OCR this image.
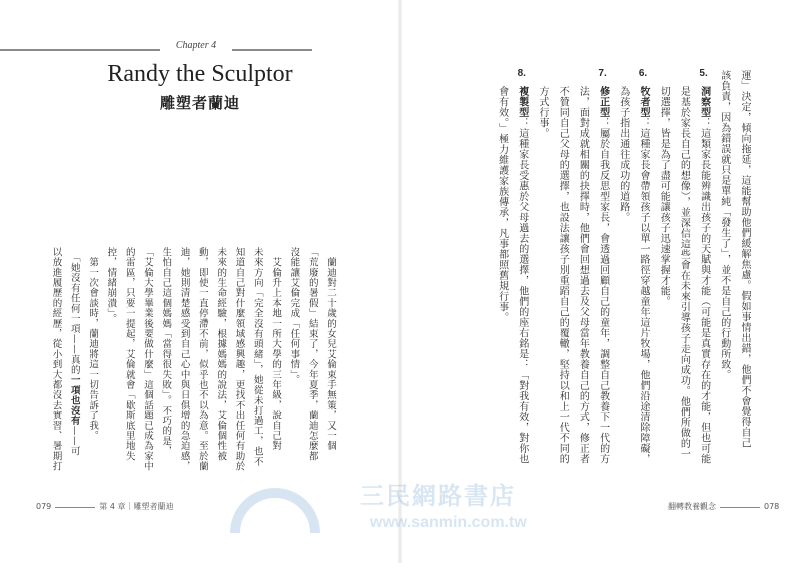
Chapter 4
Randy the Sculptor
雕塑者蘭迪
　蘭迪對二十歲的女兒艾倫束手無策，又一個
「荒廢的暑假」結束了，今年夏季，蘭迪怎麼都
沒能讓艾倫完成「任何事情」。
　艾倫升上本地一所大學的三年級，說自己對
未來方向「完全沒有頭緒」，她從未打過工，也不
知道自己對什麼領域感興趣，更找不出任何有助於
未來的生命經驗，根據媽媽的說法，艾倫個性被
動，即使一直停滯不前，似乎也不以為意。至於蘭
迪，她則清楚感受到自己心中與日俱增的急迫感，
生怕自己這個媽媽「當得很失敗」。不巧的是，
「艾倫大學畢業後要做什麼」這個話題已成為家中
的雷區，只要一提起，艾倫就會「歇斯底里地失
控，情緒崩潰」。
　第一次會談時，蘭迪將這一切告訴了我。
　「她沒有任何一項——真的一項也沒有——可
以放進履歷的經歷，從小到大都沒去實習、暑期打	運」決定，傾向拖延，這能幫助他們緩解焦慮。假如事情出錯，他們不會覺得自己
該負責，因為錯誤就只是單純「發生了」，並不是自己的行動所致。
5.
洞察型：這類家長能辨識出孩子的天賦與才能（可能是真實存在的才能，但也可能
是基於家長自己的想像），並深信這些會在未來引導孩子走向成功。他們所做的一
切選擇，皆是為了盡可能讓孩子迅速掌握才能。
6.
牧者型：這種家長會帶領孩子以單一路徑穿越童年這片牧場，他們沿途清除障礙，
為孩子指出通往成功的道路。
7.
修正型：屬於自我反思型家長，會透過回顧自己的童年，調整自己教養下一代的方
法，面對成就相關的抉擇時，他們會回想過去及父母當年教養自己的方式，修正者
不贊同自己父母的選擇，也設法讓孩子別重蹈自己的覆轍，堅持以和上一代不同的
方式行事。
8.
複製型：這種家長受惠於父母過去的選擇，他們的座右銘是：「對我有效，對你也
會有效。」極力維護家族傳承，凡事都照舊規行事。
079	第 4 章｜雕塑者蘭迪	翻轉教養觀念	078
三民網路書店
www.sanmin.com.tw
